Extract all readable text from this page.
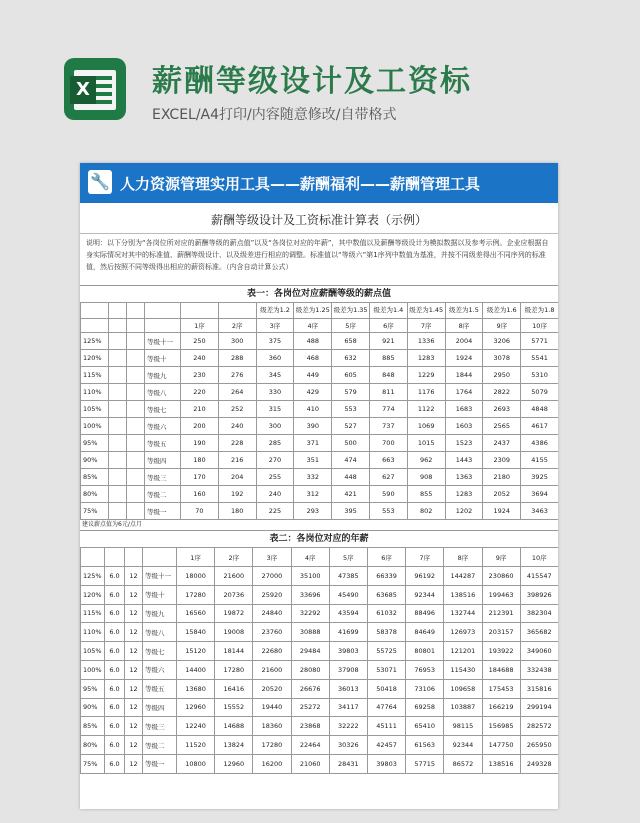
X 薪酬等级设计及工资标
EXCEL/A4打印/内容随意修改/自带格式
🔧 人力资源管理实用工具——薪酬福利——薪酬管理工具
薪酬等级设计及工资标准计算表（示例）
说明：以下分别为“各岗位所对应的薪酬等级的薪点值”以及“各岗位对应的年薪”，其中数值以及薪酬等级设计为模拟数据以及参考示例。企业应根据自身实际情况对其中的标准值、薪酬等级设计、以及级差进行相应的调整。标准值以“等级六”第1序列中数值为基准，并按不同级差得出不同序列的标准值，然后按照不同等级得出相应的薪资标准。（内含自动计算公式）
表一：各岗位对应薪酬等级的薪点值
						级差为1.2	级差为1.25	级差为1.35	级差为1.4	级差为1.45	级差为1.5	级差为1.6	级差为1.8
				1序	2序	3序	4序	5序	6序	7序	8序	9序	10序
125%			等级十一	250	300	375	488	658	921	1336	2004	3206	5771
120%			等级十	240	288	360	468	632	885	1283	1924	3078	5541
115%			等级九	230	276	345	449	605	848	1229	1844	2950	5310
110%			等级八	220	264	330	429	579	811	1176	1764	2822	5079
105%			等级七	210	252	315	410	553	774	1122	1683	2693	4848
100%			等级六	200	240	300	390	527	737	1069	1603	2565	4617
95%			等级五	190	228	285	371	500	700	1015	1523	2437	4386
90%			等级四	180	216	270	351	474	663	962	1443	2309	4155
85%			等级三	170	204	255	332	448	627	908	1363	2180	3925
80%			等级二	160	192	240	312	421	590	855	1283	2052	3694
75%			等级一	70	180	225	293	395	553	802	1202	1924	3463
建议薪点值为6元/点月
表二：各岗位对应的年薪
				1序	2序	3序	4序	5序	6序	7序	8序	9序	10序
125%	6.0	12	等级十一	18000	21600	27000	35100	47385	66339	96192	144287	230860	415547
120%	6.0	12	等级十	17280	20736	25920	33696	45490	63685	92344	138516	199463	398926
115%	6.0	12	等级九	16560	19872	24840	32292	43594	61032	88496	132744	212391	382304
110%	6.0	12	等级八	15840	19008	23760	30888	41699	58378	84649	126973	203157	365682
105%	6.0	12	等级七	15120	18144	22680	29484	39803	55725	80801	121201	193922	349060
100%	6.0	12	等级六	14400	17280	21600	28080	37908	53071	76953	115430	184688	332438
95%	6.0	12	等级五	13680	16416	20520	26676	36013	50418	73106	109658	175453	315816
90%	6.0	12	等级四	12960	15552	19440	25272	34117	47764	69258	103887	166219	299194
85%	6.0	12	等级三	12240	14688	18360	23868	32222	45111	65410	98115	156985	282572
80%	6.0	12	等级二	11520	13824	17280	22464	30326	42457	61563	92344	147750	265950
75%	6.0	12	等级一	10800	12960	16200	21060	28431	39803	57715	86572	138516	249328
